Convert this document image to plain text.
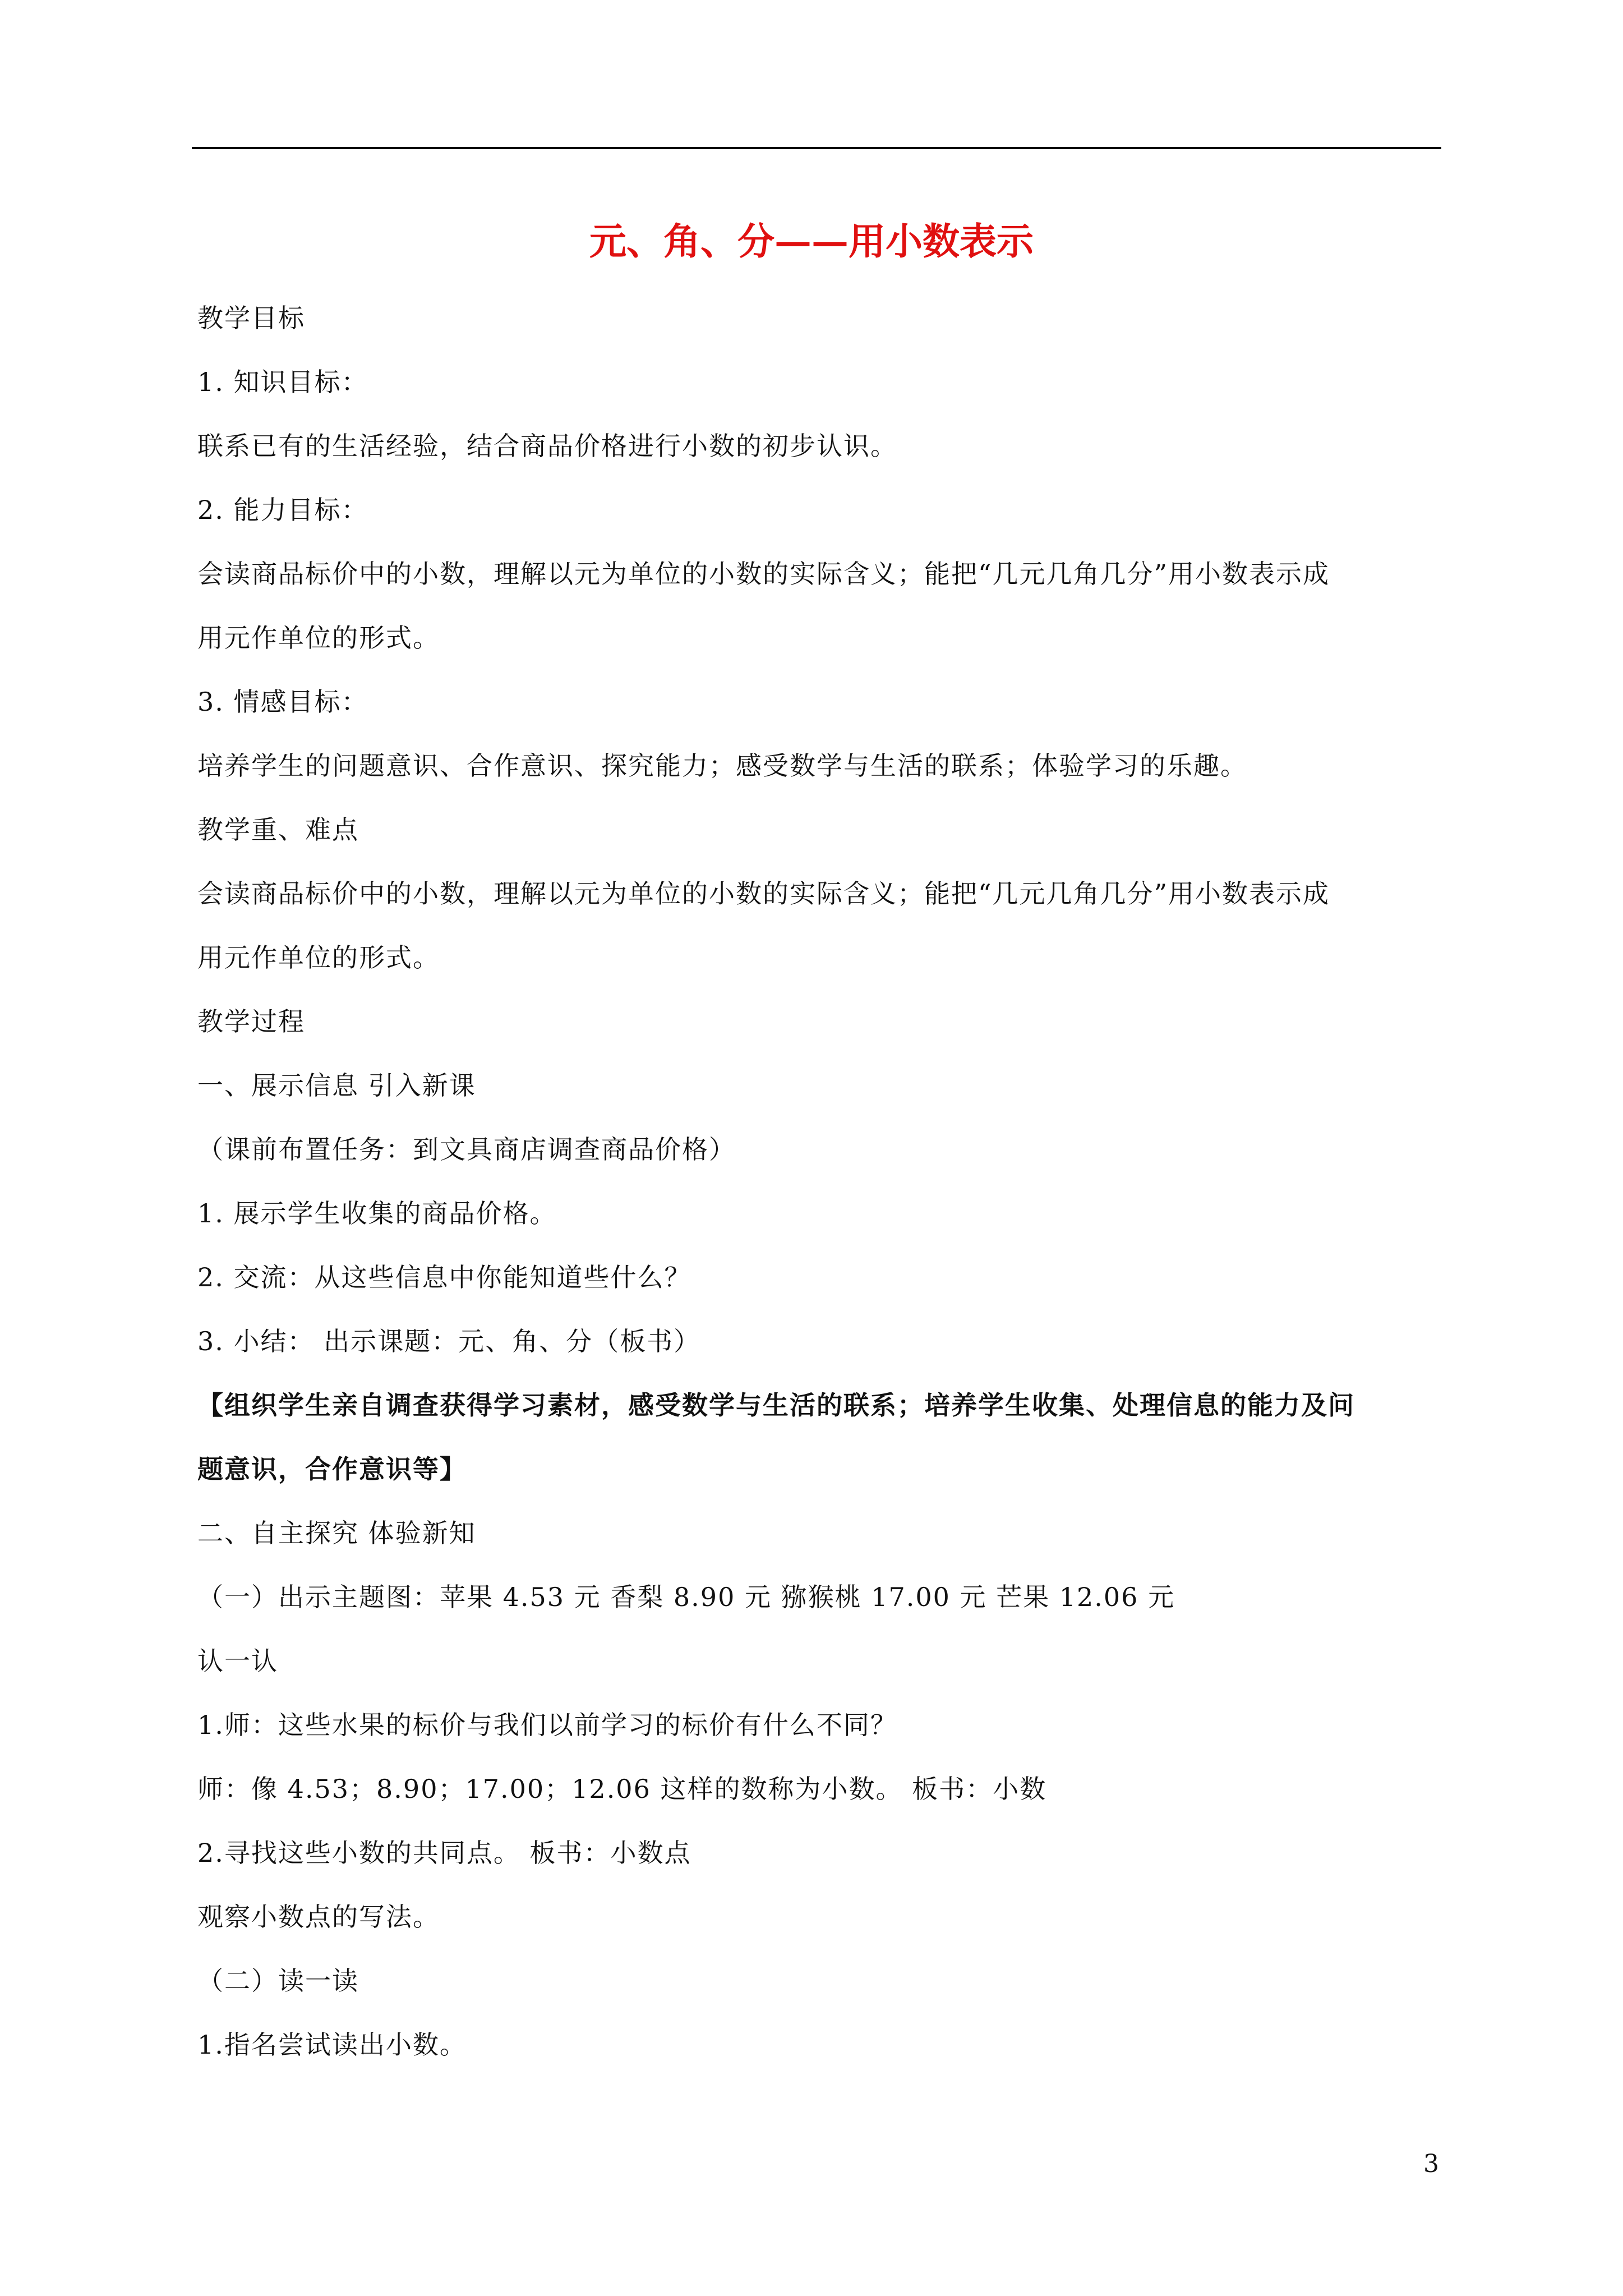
元、角、分——用小数表示
教学目标
1. 知识目标：
联系已有的生活经验，结合商品价格进行小数的初步认识。
2. 能力目标：
会读商品标价中的小数，理解以元为单位的小数的实际含义；能把“几元几角几分”用小数表示成
用元作单位的形式。
3. 情感目标：
培养学生的问题意识、合作意识、探究能力；感受数学与生活的联系；体验学习的乐趣。
教学重、难点
会读商品标价中的小数，理解以元为单位的小数的实际含义；能把“几元几角几分”用小数表示成
用元作单位的形式。
教学过程
一、展示信息 引入新课
（课前布置任务：到文具商店调查商品价格）
1. 展示学生收集的商品价格。
2. 交流：从这些信息中你能知道些什么？
3. 小结： 出示课题：元、角、分（板书）
【组织学生亲自调查获得学习素材，感受数学与生活的联系；培养学生收集、处理信息的能力及问
题意识，合作意识等】
二、自主探究 体验新知
（一）出示主题图：苹果 4.53 元 香梨 8.90 元 猕猴桃 17.00 元 芒果 12.06 元
认一认
1.师：这些水果的标价与我们以前学习的标价有什么不同？
师：像 4.53；8.90；17.00；12.06 这样的数称为小数。 板书：小数
2.寻找这些小数的共同点。 板书：小数点
观察小数点的写法。
（二）读一读
1.指名尝试读出小数。
3
